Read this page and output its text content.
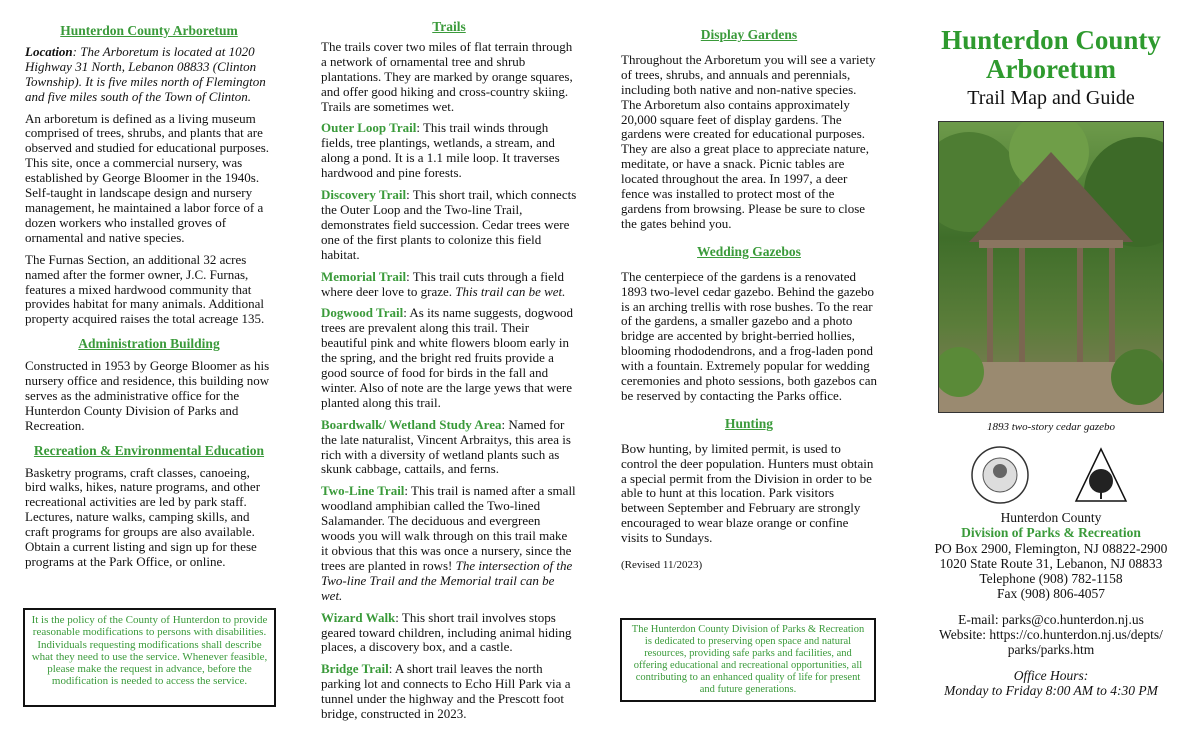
Hunterdon County Arboretum

Location: The Arboretum is located at 1020 Highway 31 North, Lebanon 08833 (Clinton Township). It is five miles north of Flemington and five miles south of the Town of Clinton.

An arboretum is defined as a living museum comprised of trees, shrubs, and plants that are observed and studied for educational purposes. This site, once a commercial nursery, was established by George Bloomer in the 1940s. Self-taught in landscape design and nursery management, he maintained a labor force of a dozen workers who installed groves of ornamental and native species.

The Furnas Section, an additional 32 acres named after the former owner, J.C. Furnas, features a mixed hardwood community that provides habitat for many animals. Additional property acquired raises the total acreage 135.

Administration Building

Constructed in 1953 by George Bloomer as his nursery office and residence, this building now serves as the administrative office for the Hunterdon County Division of Parks and Recreation.

Recreation & Environmental Education

Basketry programs, craft classes, canoeing, bird walks, hikes, nature programs, and other recreational activities are led by park staff. Lectures, nature walks, camping skills, and craft programs for groups are also available. Obtain a current listing and sign up for these programs at the Park Office, or online.

It is the policy of the County of Hunterdon to provide reasonable modifications to persons with disabilities. Individuals requesting modifications shall describe what they need to use the service. Whenever feasible, please make the request in advance, before the modification is needed to access the service.
Trails

The trails cover two miles of flat terrain through a network of ornamental tree and shrub plantations. They are marked by orange squares, and offer good hiking and cross-country skiing. Trails are sometimes wet.

Outer Loop Trail: This trail winds through fields, tree plantings, wetlands, a stream, and along a pond. It is a 1.1 mile loop. It traverses hardwood and pine forests.

Discovery Trail: This short trail, which connects the Outer Loop and the Two-line Trail, demonstrates field succession. Cedar trees were one of the first plants to colonize this field habitat.

Memorial Trail: This trail cuts through a field where deer love to graze. This trail can be wet.

Dogwood Trail: As its name suggests, dogwood trees are prevalent along this trail. Their beautiful pink and white flowers bloom early in the spring, and the bright red fruits provide a good source of food for birds in the fall and winter. Also of note are the large yews that were planted along this trail.

Boardwalk/ Wetland Study Area: Named for the late naturalist, Vincent Arbraitys, this area is rich with a diversity of wetland plants such as skunk cabbage, cattails, and ferns.

Two-Line Trail: This trail is named after a small woodland amphibian called the Two-lined Salamander. The deciduous and evergreen woods you will walk through on this trail make it obvious that this was once a nursery, since the trees are planted in rows! The intersection of the Two-line Trail and the Memorial trail can be wet.

Wizard Walk: This short trail involves stops geared toward children, including animal hiding places, a discovery box, and a castle.

Bridge Trail: A short trail leaves the north parking lot and connects to Echo Hill Park via a tunnel under the highway and the Prescott foot bridge, constructed in 2023.

Display Gardens

Throughout the Arboretum you will see a variety of trees, shrubs, and annuals and perennials, including both native and non-native species. The Arboretum also contains approximately 20,000 square feet of display gardens. The gardens were created for educational purposes. They are also a great place to appreciate nature, meditate, or have a snack. Picnic tables are located throughout the area. In 1997, a deer fence was installed to protect most of the gardens from browsing. Please be sure to close the gates behind you.

Wedding Gazebos

The centerpiece of the gardens is a renovated 1893 two-level cedar gazebo. Behind the gazebo is an arching trellis with rose bushes. To the rear of the gardens, a smaller gazebo and a photo bridge are accented by bright-berried hollies, blooming rhododendrons, and a frog-laden pond with a fountain. Extremely popular for wedding ceremonies and photo sessions, both gazebos can be reserved by contacting the Parks office.

Hunting

Bow hunting, by limited permit, is used to control the deer population. Hunters must obtain a special permit from the Division in order to be able to hunt at this location. Park visitors between September and February are strongly encouraged to wear blaze orange or confine visits to Sundays.

(Revised 11/2023)

The Hunterdon County Division of Parks & Recreation is dedicated to preserving open space and natural resources, providing safe parks and facilities, and offering educational and recreational opportunities, all contributing to an enhanced quality of life for present and future generations.
Hunterdon County
Arboretum
Trail Map and Guide
1893 two-story cedar gazebo
Hunterdon County
Division of Parks & Recreation
PO Box 2900, Flemington, NJ 08822-2900
1020 State Route 31, Lebanon, NJ 08833
Telephone (908) 782-1158
Fax (908) 806-4057
E-mail: parks@co.hunterdon.nj.us
Website: https://co.hunterdon.nj.us/depts/
parks/parks.htm
Office Hours:
Monday to Friday 8:00 AM to 4:30 PM
